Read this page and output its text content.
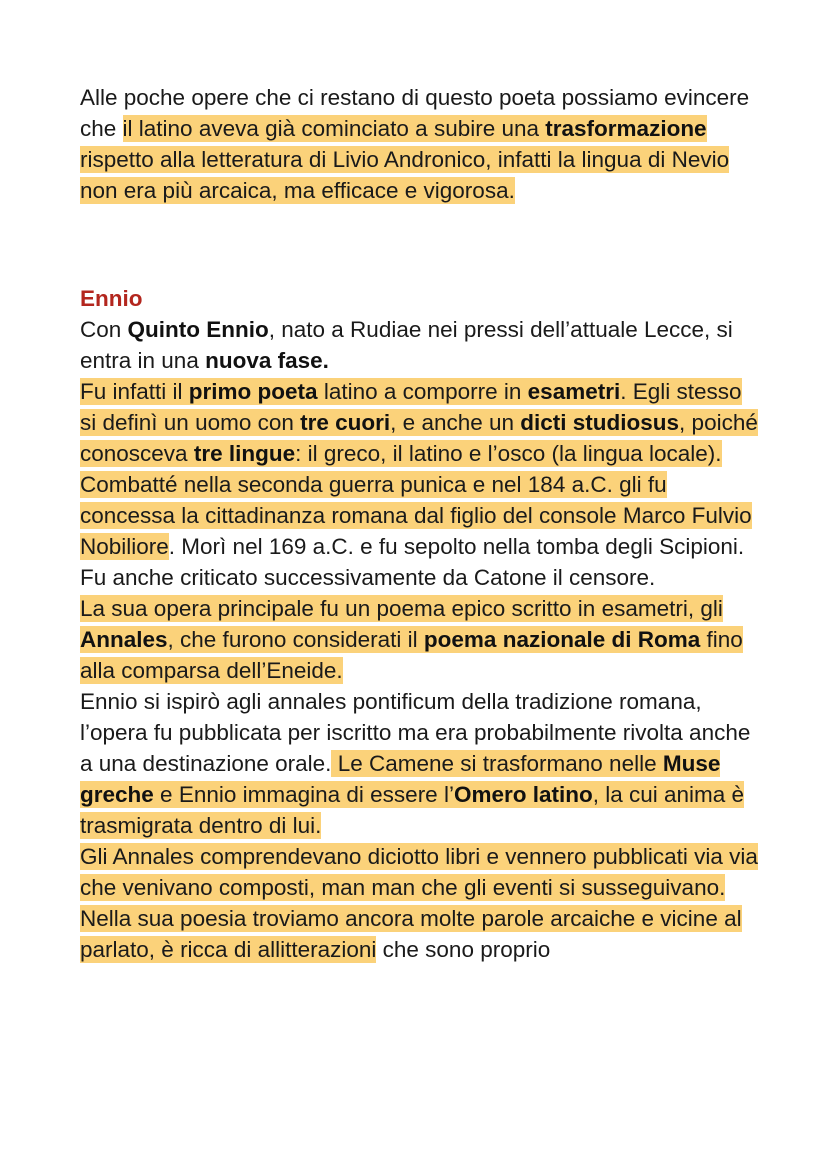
Alle poche opere che ci restano di questo poeta possiamo evincere che il latino aveva già cominciato a subire una trasformazione rispetto alla letteratura di Livio Andronico, infatti la lingua di Nevio non era più arcaica, ma efficace e vigorosa.

Ennio

Con Quinto Ennio, nato a Rudiae nei pressi dell’attuale Lecce, si entra in una nuova fase.
Fu infatti il primo poeta latino a comporre in esametri. Egli stesso si definì un uomo con tre cuori, e anche un dicti studiosus, poiché conosceva tre lingue: il greco, il latino e l’osco (la lingua locale).
Combatté nella seconda guerra punica e nel 184 a.C. gli fu concessa la cittadinanza romana dal figlio del console Marco Fulvio Nobiliore. Morì nel 169 a.C. e fu sepolto nella tomba degli Scipioni. Fu anche criticato successivamente da Catone il censore.
La sua opera principale fu un poema epico scritto in esametri, gli Annales, che furono considerati il poema nazionale di Roma fino alla comparsa dell’Eneide.
Ennio si ispirò agli annales pontificum della tradizione romana, l’opera fu pubblicata per iscritto ma era probabilmente rivolta anche a una destinazione orale. Le Camene si trasformano nelle Muse greche e Ennio immagina di essere l’Omero latino, la cui anima è trasmigrata dentro di lui.
Gli Annales comprendevano diciotto libri e vennero pubblicati via via che venivano composti, man man che gli eventi si susseguivano.
Nella sua poesia troviamo ancora molte parole arcaiche e vicine al parlato, è ricca di allitterazioni che sono proprio
